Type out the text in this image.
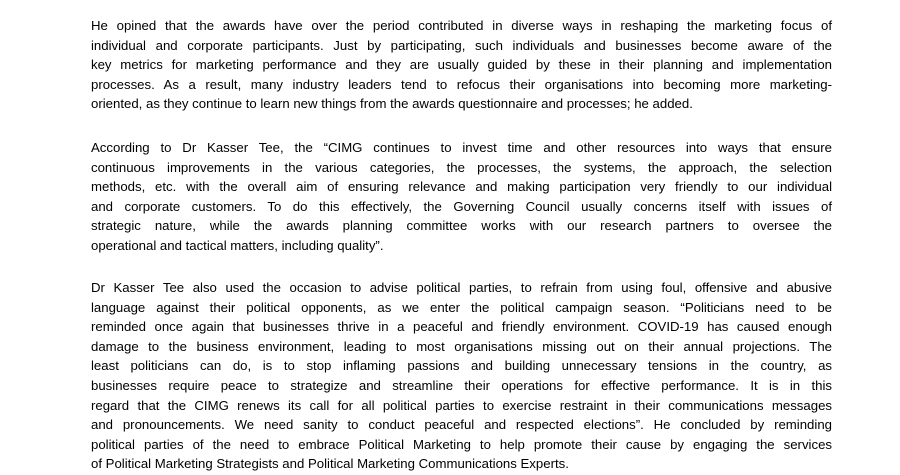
He opined that the awards have over the period contributed in diverse ways in reshaping the marketing focus of
individual and corporate participants. Just by participating, such individuals and businesses become aware of the
key metrics for marketing performance and they are usually guided by these in their planning and implementation
processes. As a result, many industry leaders tend to refocus their organisations into becoming more marketing-
oriented, as they continue to learn new things from the awards questionnaire and processes; he added.

According to Dr Kasser Tee, the “CIMG continues to invest time and other resources into ways that ensure
continuous improvements in the various categories, the processes, the systems, the approach, the selection
methods, etc. with the overall aim of ensuring relevance and making participation very friendly to our individual
and corporate customers. To do this effectively, the Governing Council usually concerns itself with issues of
strategic nature, while the awards planning committee works with our research partners to oversee the
operational and tactical matters, including quality”.

Dr Kasser Tee also used the occasion to advise political parties, to refrain from using foul, offensive and abusive
language against their political opponents, as we enter the political campaign season. “Politicians need to be
reminded once again that businesses thrive in a peaceful and friendly environment. COVID-19 has caused enough
damage to the business environment, leading to most organisations missing out on their annual projections. The
least politicians can do, is to stop inflaming passions and building unnecessary tensions in the country, as
businesses require peace to strategize and streamline their operations for effective performance. It is in this
regard that the CIMG renews its call for all political parties to exercise restraint in their communications messages
and pronouncements. We need sanity to conduct peaceful and respected elections”. He concluded by reminding
political parties of the need to embrace Political Marketing to help promote their cause by engaging the services
of Political Marketing Strategists and Political Marketing Communications Experts.
